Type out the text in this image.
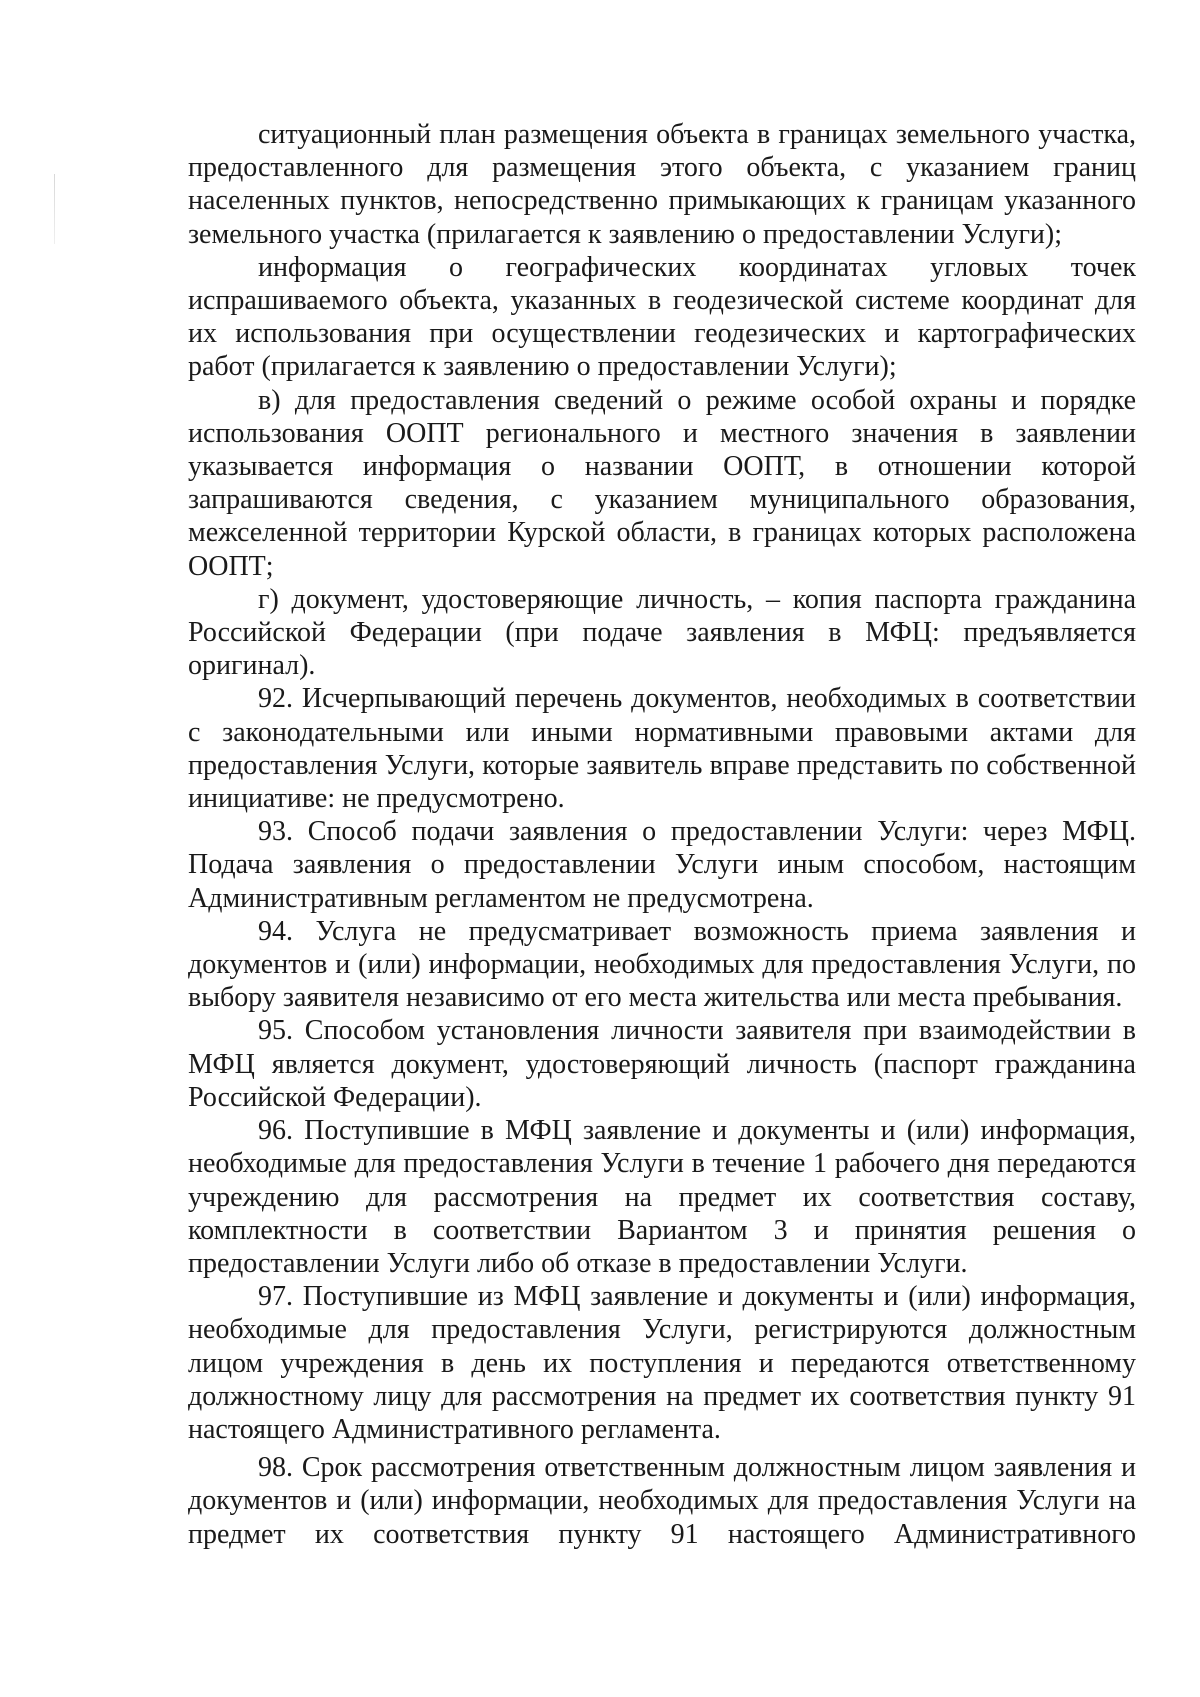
ситуационный план размещения объекта в границах земельного участка, предоставленного для размещения этого объекта, с указанием границ населенных пунктов, непосредственно примыкающих к границам указанного земельного участка (прилагается к заявлению о предоставлении Услуги);

информация о географических координатах угловых точек испрашиваемого объекта, указанных в геодезической системе координат для их использования при осуществлении геодезических и картографических работ (прилагается к заявлению о предоставлении Услуги);

в) для предоставления сведений о режиме особой охраны и порядке использования ООПТ регионального и местного значения в заявлении указывается информация о названии ООПТ, в отношении которой запрашиваются сведения, с указанием муниципального образования, межселенной территории Курской области, в границах которых расположена ООПТ;

г) документ, удостоверяющие личность, – копия паспорта гражданина Российской Федерации (при подаче заявления в МФЦ: предъявляется оригинал).

92. Исчерпывающий перечень документов, необходимых в соответствии с законодательными или иными нормативными правовыми актами для предоставления Услуги, которые заявитель вправе представить по собственной инициативе: не предусмотрено.

93. Способ подачи заявления о предоставлении Услуги: через МФЦ. Подача заявления о предоставлении Услуги иным способом, настоящим Административным регламентом не предусмотрена.

94. Услуга не предусматривает возможность приема заявления и документов и (или) информации, необходимых для предоставления Услуги, по выбору заявителя независимо от его места жительства или места пребывания.

95. Способом установления личности заявителя при взаимодействии в МФЦ является документ, удостоверяющий личность (паспорт гражданина Российской Федерации).

96. Поступившие в МФЦ заявление и документы и (или) информация, необходимые для предоставления Услуги в течение 1 рабочего дня передаются учреждению для рассмотрения на предмет их соответствия составу, комплектности в соответствии Вариантом 3 и принятия решения о предоставлении Услуги либо об отказе в предоставлении Услуги.

97. Поступившие из МФЦ заявление и документы и (или) информация, необходимые для предоставления Услуги, регистрируются должностным лицом учреждения в день их поступления и передаются ответственному должностному лицу для рассмотрения на предмет их соответствия пункту 91 настоящего Административного регламента.

98. Срок рассмотрения ответственным должностным лицом заявления и документов и (или) информации, необходимых для предоставления Услуги на предмет их соответствия пункту 91 настоящего Административного
